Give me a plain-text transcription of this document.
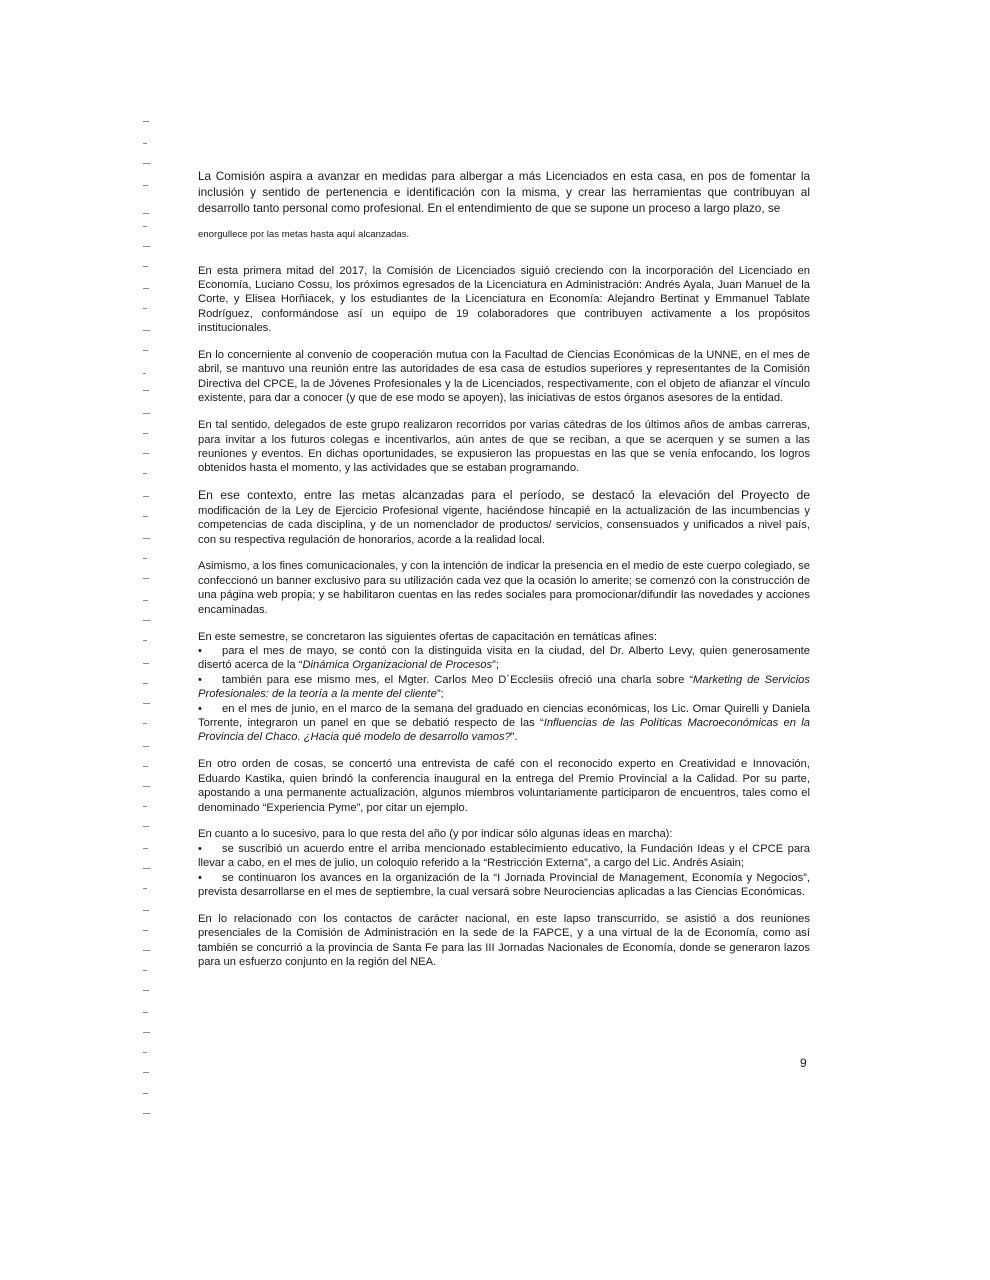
La Comisión aspira a avanzar en medidas para albergar a más Licenciados en esta casa, en pos de fomentar la inclusión y sentido de pertenencia e identificación con la misma, y crear las herramientas que contribuyan al desarrollo tanto personal como profesional. En el entendimiento de que se supone un proceso a largo plazo, se

enorgullece por las metas hasta aquí alcanzadas.

En esta primera mitad del 2017, la Comisión de Licenciados siguió creciendo con la incorporación del Licenciado en Economía, Luciano Cossu, los próximos egresados de la Licenciatura en Administración: Andrés Ayala, Juan Manuel de la Corte, y Elisea Horñiacek, y los estudiantes de la Licenciatura en Economía: Alejandro Bertinat y Emmanuel Tablate Rodríguez, conformándose así un equipo de 19 colaboradores que contribuyen activamente a los propósitos institucionales.

En lo concerniente al convenio de cooperación mutua con la Facultad de Ciencias Económicas de la UNNE, en el mes de abril, se mantuvo una reunión entre las autoridades de esa casa de estudios superiores y representantes de la Comisión Directiva del CPCE, la de Jóvenes Profesionales y la de Licenciados, respectivamente, con el objeto de afianzar el vínculo existente, para dar a conocer (y que de ese modo se apoyen), las iniciativas de estos órganos asesores de la entidad.

En tal sentido, delegados de este grupo realizaron recorridos por varias cátedras de los últimos años de ambas carreras, para invitar a los futuros colegas e incentivarlos, aún antes de que se reciban, a que se acerquen y se sumen a las reuniones y eventos. En dichas oportunidades, se expusieron las propuestas en las que se venía enfocando, los logros obtenidos hasta el momento, y las actividades que se estaban programando.

En ese contexto, entre las metas alcanzadas para el período, se destacó la elevación del Proyecto de modificación de la Ley de Ejercicio Profesional vigente, haciéndose hincapié en la actualización de las incumbencias y competencias de cada disciplina, y de un nomenclador de productos/ servicios, consensuados y unificados a nivel país, con su respectiva regulación de honorarios, acorde a la realidad local.

Asimismo, a los fines comunicacionales, y con la intención de indicar la presencia en el medio de este cuerpo colegiado, se confeccionó un banner exclusivo para su utilización cada vez que la ocasión lo amerite; se comenzó con la construcción de una página web propia; y se habilitaron cuentas en las redes sociales para promocionar/difundir las novedades y acciones encaminadas.

En este semestre, se concretaron las siguientes ofertas de capacitación en temáticas afines:
• para el mes de mayo, se contó con la distinguida visita en la ciudad, del Dr. Alberto Levy, quien generosamente disertó acerca de la “Dinámica Organizacional de Procesos”;
• también para ese mismo mes, el Mgter. Carlos Meo D´Ecclesiis ofreció una charla sobre “Marketing de Servicios Profesionales: de la teoría a la mente del cliente”;
• en el mes de junio, en el marco de la semana del graduado en ciencias económicas, los Lic. Omar Quirelli y Daniela Torrente, integraron un panel en que se debatió respecto de las “Influencias de las Políticas Macroeconómicas en la Provincia del Chaco. ¿Hacia qué modelo de desarrollo vamos?”.

En otro orden de cosas, se concertó una entrevista de café con el reconocido experto en Creatividad e Innovación, Eduardo Kastika, quien brindó la conferencia inaugural en la entrega del Premio Provincial a la Calidad. Por su parte, apostando a una permanente actualización, algunos miembros voluntariamente participaron de encuentros, tales como el denominado “Experiencia Pyme”, por citar un ejemplo.

En cuanto a lo sucesivo, para lo que resta del año (y por indicar sólo algunas ideas en marcha):
• se suscribió un acuerdo entre el arriba mencionado establecimiento educativo, la Fundación Ideas y el CPCE para llevar a cabo, en el mes de julio, un coloquio referido a la “Restricción Externa”, a cargo del Lic. Andrés Asiain;
• se continuaron los avances en la organización de la “I Jornada Provincial de Management, Economía y Negocios”, prevista desarrollarse en el mes de septiembre, la cual versará sobre Neurociencias aplicadas a las Ciencias Económicas.

En lo relacionado con los contactos de carácter nacional, en este lapso transcurrido, se asistió a dos reuniones presenciales de la Comisión de Administración en la sede de la FAPCE, y a una virtual de la de Economía, como así también se concurrió a la provincia de Santa Fe para las III Jornadas Nacionales de Economía, donde se generaron lazos para un esfuerzo conjunto en la región del NEA.

9
